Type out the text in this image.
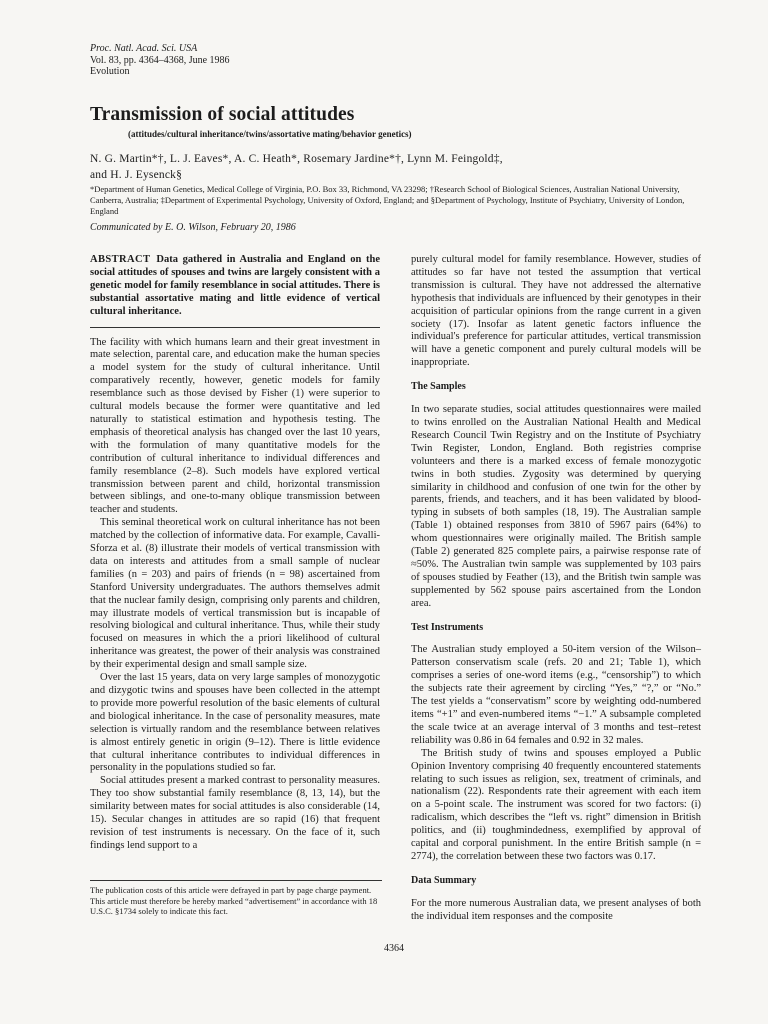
Proc. Natl. Acad. Sci. USA
Vol. 83, pp. 4364–4368, June 1986
Evolution
Transmission of social attitudes
(attitudes/cultural inheritance/twins/assortative mating/behavior genetics)
N. G. Martin*†, L. J. Eaves*, A. C. Heath*, Rosemary Jardine*†, Lynn M. Feingold‡,
and H. J. Eysenck§
*Department of Human Genetics, Medical College of Virginia, P.O. Box 33, Richmond, VA 23298; †Research School of Biological Sciences, Australian National University, Canberra, Australia; ‡Department of Experimental Psychology, University of Oxford, England; and §Department of Psychology, Institute of Psychiatry, University of London, England
Communicated by E. O. Wilson, February 20, 1986
ABSTRACT Data gathered in Australia and England on the social attitudes of spouses and twins are largely consistent with a genetic model for family resemblance in social attitudes. There is substantial assortative mating and little evidence of vertical cultural inheritance.

The facility with which humans learn and their great investment in mate selection, parental care, and education make the human species a model system for the study of cultural inheritance. Until comparatively recently, however, genetic models for family resemblance such as those devised by Fisher (1) were superior to cultural models because the former were quantitative and led naturally to statistical estimation and hypothesis testing. The emphasis of theoretical analysis has changed over the last 10 years, with the formulation of many quantitative models for the contribution of cultural inheritance to individual differences and family resemblance (2–8). Such models have explored vertical transmission between parent and child, horizontal transmission between siblings, and one-to-many oblique transmission between teacher and students.

This seminal theoretical work on cultural inheritance has not been matched by the collection of informative data. For example, Cavalli-Sforza et al. (8) illustrate their models of vertical transmission with data on interests and attitudes from a small sample of nuclear families (n = 203) and pairs of friends (n = 98) ascertained from Stanford University undergraduates. The authors themselves admit that the nuclear family design, comprising only parents and children, may illustrate models of vertical transmission but is incapable of resolving biological and cultural inheritance. Thus, while their study focused on measures in which the a priori likelihood of cultural inheritance was greatest, the power of their analysis was constrained by their experimental design and small sample size.

Over the last 15 years, data on very large samples of monozygotic and dizygotic twins and spouses have been collected in the attempt to provide more powerful resolution of the basic elements of cultural and biological inheritance. In the case of personality measures, mate selection is virtually random and the resemblance between relatives is almost entirely genetic in origin (9–12). There is little evidence that cultural inheritance contributes to individual differences in personality in the populations studied so far.

Social attitudes present a marked contrast to personality measures. They too show substantial family resemblance (8, 13, 14), but the similarity between mates for social attitudes is also considerable (14, 15). Secular changes in attitudes are so rapid (16) that frequent revision of test instruments is necessary. On the face of it, such findings lend support to a

purely cultural model for family resemblance. However, studies of attitudes so far have not tested the assumption that vertical transmission is cultural. They have not addressed the alternative hypothesis that individuals are influenced by their genotypes in their acquisition of particular opinions from the range current in a given society (17). Insofar as latent genetic factors influence the individual's preference for particular attitudes, vertical transmission will have a genetic component and purely cultural models will be inappropriate.

The Samples

In two separate studies, social attitudes questionnaires were mailed to twins enrolled on the Australian National Health and Medical Research Council Twin Registry and on the Institute of Psychiatry Twin Register, London, England. Both registries comprise volunteers and there is a marked excess of female monozygotic twins in both studies. Zygosity was determined by querying similarity in childhood and confusion of one twin for the other by parents, friends, and teachers, and it has been validated by blood-typing in subsets of both samples (18, 19). The Australian sample (Table 1) obtained responses from 3810 of 5967 pairs (64%) to whom questionnaires were originally mailed. The British sample (Table 2) generated 825 complete pairs, a pairwise response rate of ≈50%. The Australian twin sample was supplemented by 103 pairs of spouses studied by Feather (13), and the British twin sample was supplemented by 562 spouse pairs ascertained from the London area.

Test Instruments

The Australian study employed a 50-item version of the Wilson–Patterson conservatism scale (refs. 20 and 21; Table 1), which comprises a series of one-word items (e.g., “censorship”) to which the subjects rate their agreement by circling “Yes,” “?,” or “No.” The test yields a “conservatism” score by weighting odd-numbered items “+1” and even-numbered items “−1.” A subsample completed the scale twice at an average interval of 3 months and test–retest reliability was 0.86 in 64 females and 0.92 in 32 males.

The British study of twins and spouses employed a Public Opinion Inventory comprising 40 frequently encountered statements relating to such issues as religion, sex, treatment of criminals, and nationalism (22). Respondents rate their agreement with each item on a 5-point scale. The instrument was scored for two factors: (i) radicalism, which describes the “left vs. right” dimension in British politics, and (ii) toughmindedness, exemplified by approval of capital and corporal punishment. In the entire British sample (n = 2774), the correlation between these two factors was 0.17.

Data Summary

For the more numerous Australian data, we present analyses of both the individual item responses and the composite

The publication costs of this article were defrayed in part by page charge payment. This article must therefore be hereby marked “advertisement” in accordance with 18 U.S.C. §1734 solely to indicate this fact.
4364
